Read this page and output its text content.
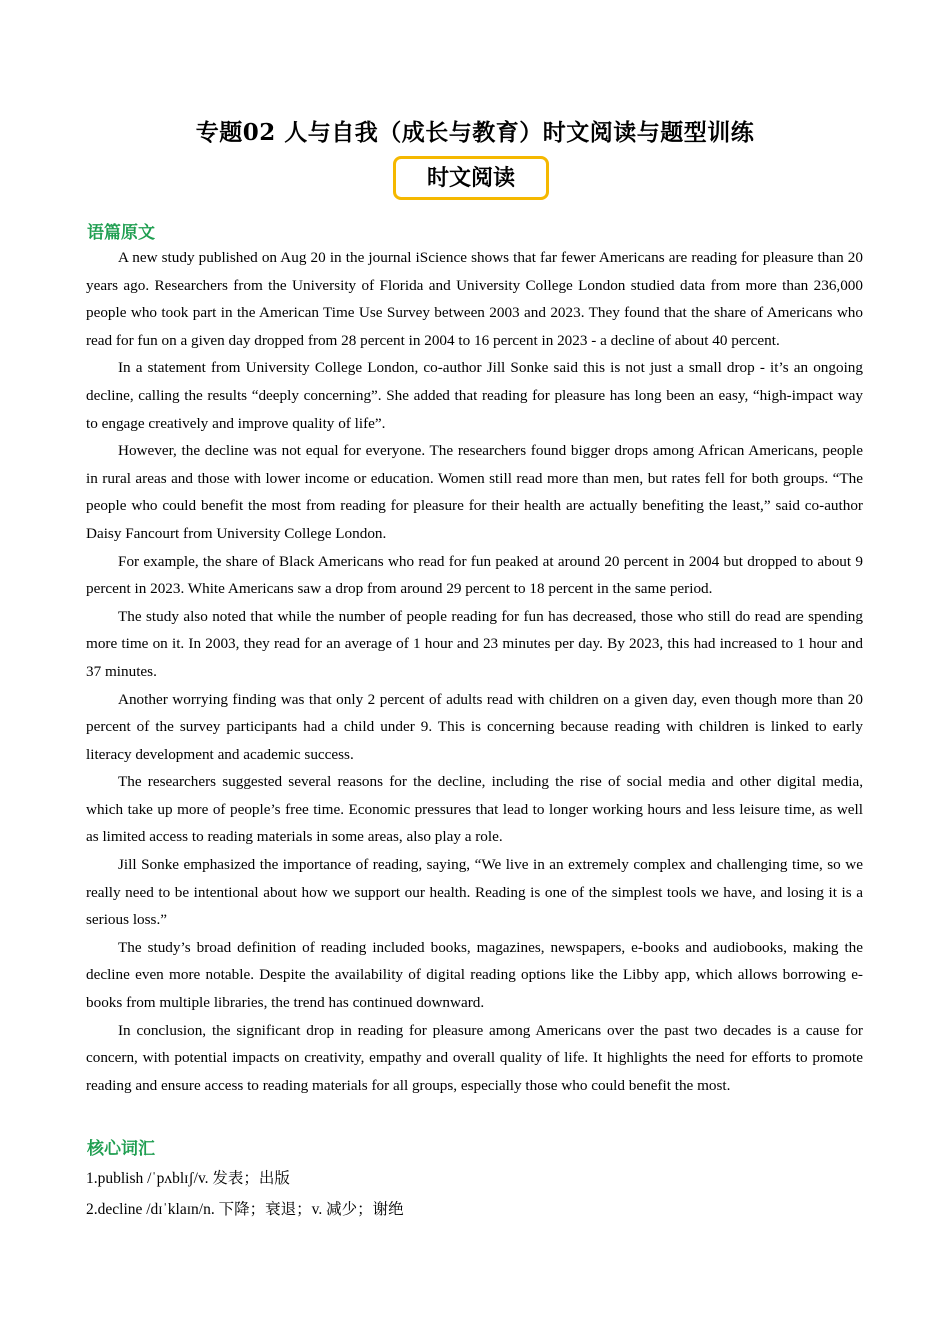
专题02 人与自我（成长与教育）时文阅读与题型训练
时文阅读
语篇原文

A new study published on Aug 20 in the journal iScience shows that far fewer Americans are reading for pleasure than 20 years ago. Researchers from the University of Florida and University College London studied data from more than 236,000 people who took part in the American Time Use Survey between 2003 and 2023. They found that the share of Americans who read for fun on a given day dropped from 28 percent in 2004 to 16 percent in 2023 - a decline of about 40 percent.

In a statement from University College London, co-author Jill Sonke said this is not just a small drop - it’s an ongoing decline, calling the results “deeply concerning”. She added that reading for pleasure has long been an easy, “high-impact way to engage creatively and improve quality of life”.

However, the decline was not equal for everyone. The researchers found bigger drops among African Americans, people in rural areas and those with lower income or education. Women still read more than men, but rates fell for both groups. “The people who could benefit the most from reading for pleasure for their health are actually benefiting the least,” said co-author Daisy Fancourt from University College London.

For example, the share of Black Americans who read for fun peaked at around 20 percent in 2004 but dropped to about 9 percent in 2023. White Americans saw a drop from around 29 percent to 18 percent in the same period.

The study also noted that while the number of people reading for fun has decreased, those who still do read are spending more time on it. In 2003, they read for an average of 1 hour and 23 minutes per day. By 2023, this had increased to 1 hour and 37 minutes.

Another worrying finding was that only 2 percent of adults read with children on a given day, even though more than 20 percent of the survey participants had a child under 9. This is concerning because reading with children is linked to early literacy development and academic success.

The researchers suggested several reasons for the decline, including the rise of social media and other digital media, which take up more of people’s free time. Economic pressures that lead to longer working hours and less leisure time, as well as limited access to reading materials in some areas, also play a role.

Jill Sonke emphasized the importance of reading, saying, “We live in an extremely complex and challenging time, so we really need to be intentional about how we support our health. Reading is one of the simplest tools we have, and losing it is a serious loss.”

The study’s broad definition of reading included books, magazines, newspapers, e-books and audiobooks, making the decline even more notable. Despite the availability of digital reading options like the Libby app, which allows borrowing e-books from multiple libraries, the trend has continued downward.

In conclusion, the significant drop in reading for pleasure among Americans over the past two decades is a cause for concern, with potential impacts on creativity, empathy and overall quality of life. It highlights the need for efforts to promote reading and ensure access to reading materials for all groups, especially those who could benefit the most.

核心词汇
1.publish /ˈpʌblɪʃ/v. 发表；出版
2.decline /dɪˈklaɪn/n. 下降；衰退；v. 减少；谢绝
